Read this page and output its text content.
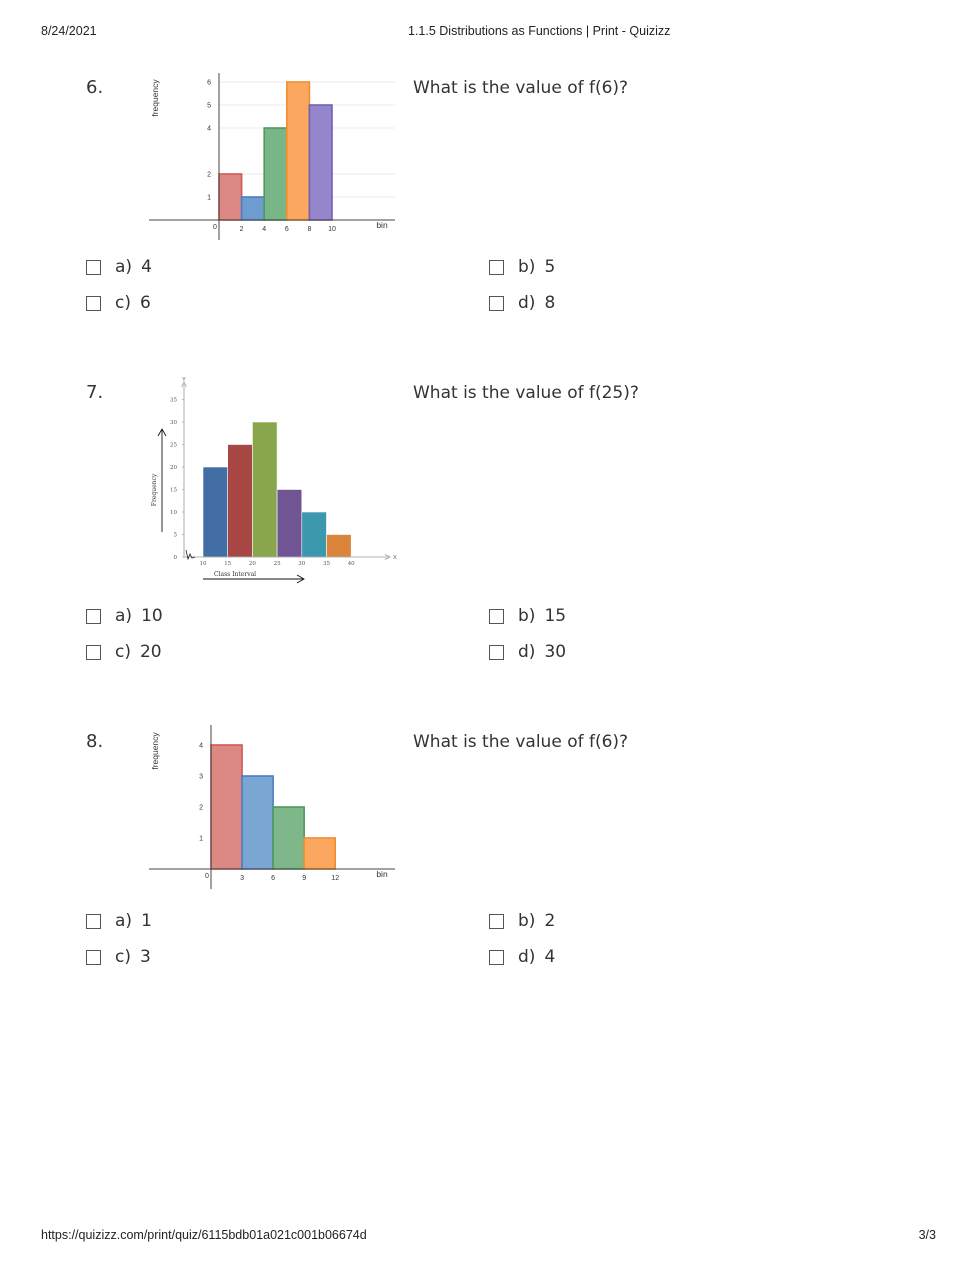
8/24/2021	1.1.5 Distributions as Functions | Print - Quizizz
https://quizizz.com/print/quiz/6115bdb01a021c001b06674d	3/3
6.	What is the value of f(6)?
1
2
4
5
6
0	2	4	6	8 10	bin
frequency
a) 4	b) 5
c) 6	d) 8
7.	What is the value of f(25)?
Y
X
0
5
10
15
20
25
30
35
10	15	20	25	30	35	40
Frequency
Class Interval
a) 10	b) 15
c) 20	d) 30
8.	What is the value of f(6)?
1
2
3
4
0	3	6	9	12	bin
frequency
a) 1	b) 2
c) 3	d) 4
